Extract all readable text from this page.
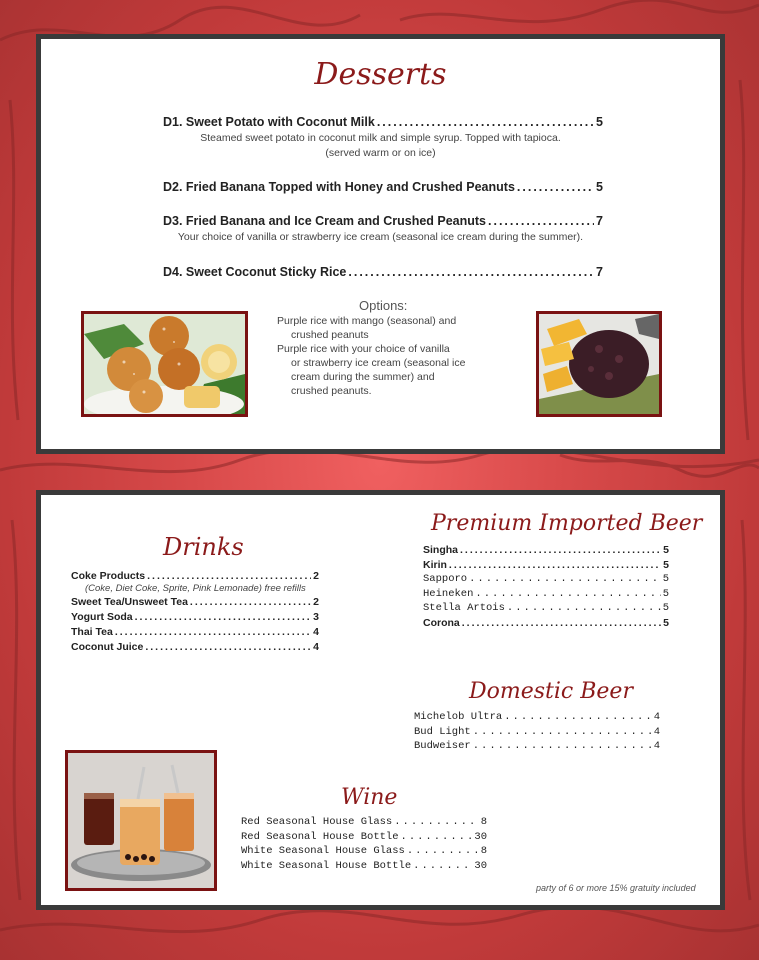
Desserts
D1. Sweet Potato with Coconut Milk .....	5
Steamed sweet potato in coconut milk and simple syrup. Topped with tapioca.
(served warm or on ice)
D2. Fried Banana Topped with Honey and Crushed Peanuts .....	5
D3. Fried Banana and Ice Cream and Crushed Peanuts .....	7
Your choice of vanilla or strawberry ice cream (seasonal ice cream during the summer).
D4. Sweet Coconut Sticky Rice .....	7
Options:
Purple rice with mango (seasonal) and
crushed peanuts
Purple rice with your choice of vanilla
or strawberry ice cream (seasonal ice
cream during the summer) and
crushed peanuts.
Drinks
Coke Products .....	2
(Coke, Diet Coke, Sprite, Pink Lemonade) free refills
Sweet Tea/Unsweet Tea .....	2
Yogurt Soda .....	3
Thai Tea .....	4
Coconut Juice .....	4
Premium Imported Beer
Singha .....	5
Kirin .....	5
Sapporo .....	5
Heineken .....	5
Stella Artois .....	5
Corona .....	5
Domestic Beer
Michelob Ultra .....	4
Bud Light .....	4
Budweiser .....	4
Wine
Red Seasonal House Glass .....	8
Red Seasonal House Bottle .....	30
White Seasonal House Glass .....	8
White Seasonal House Bottle .....	30
party of 6 or more 15% gratuity included
